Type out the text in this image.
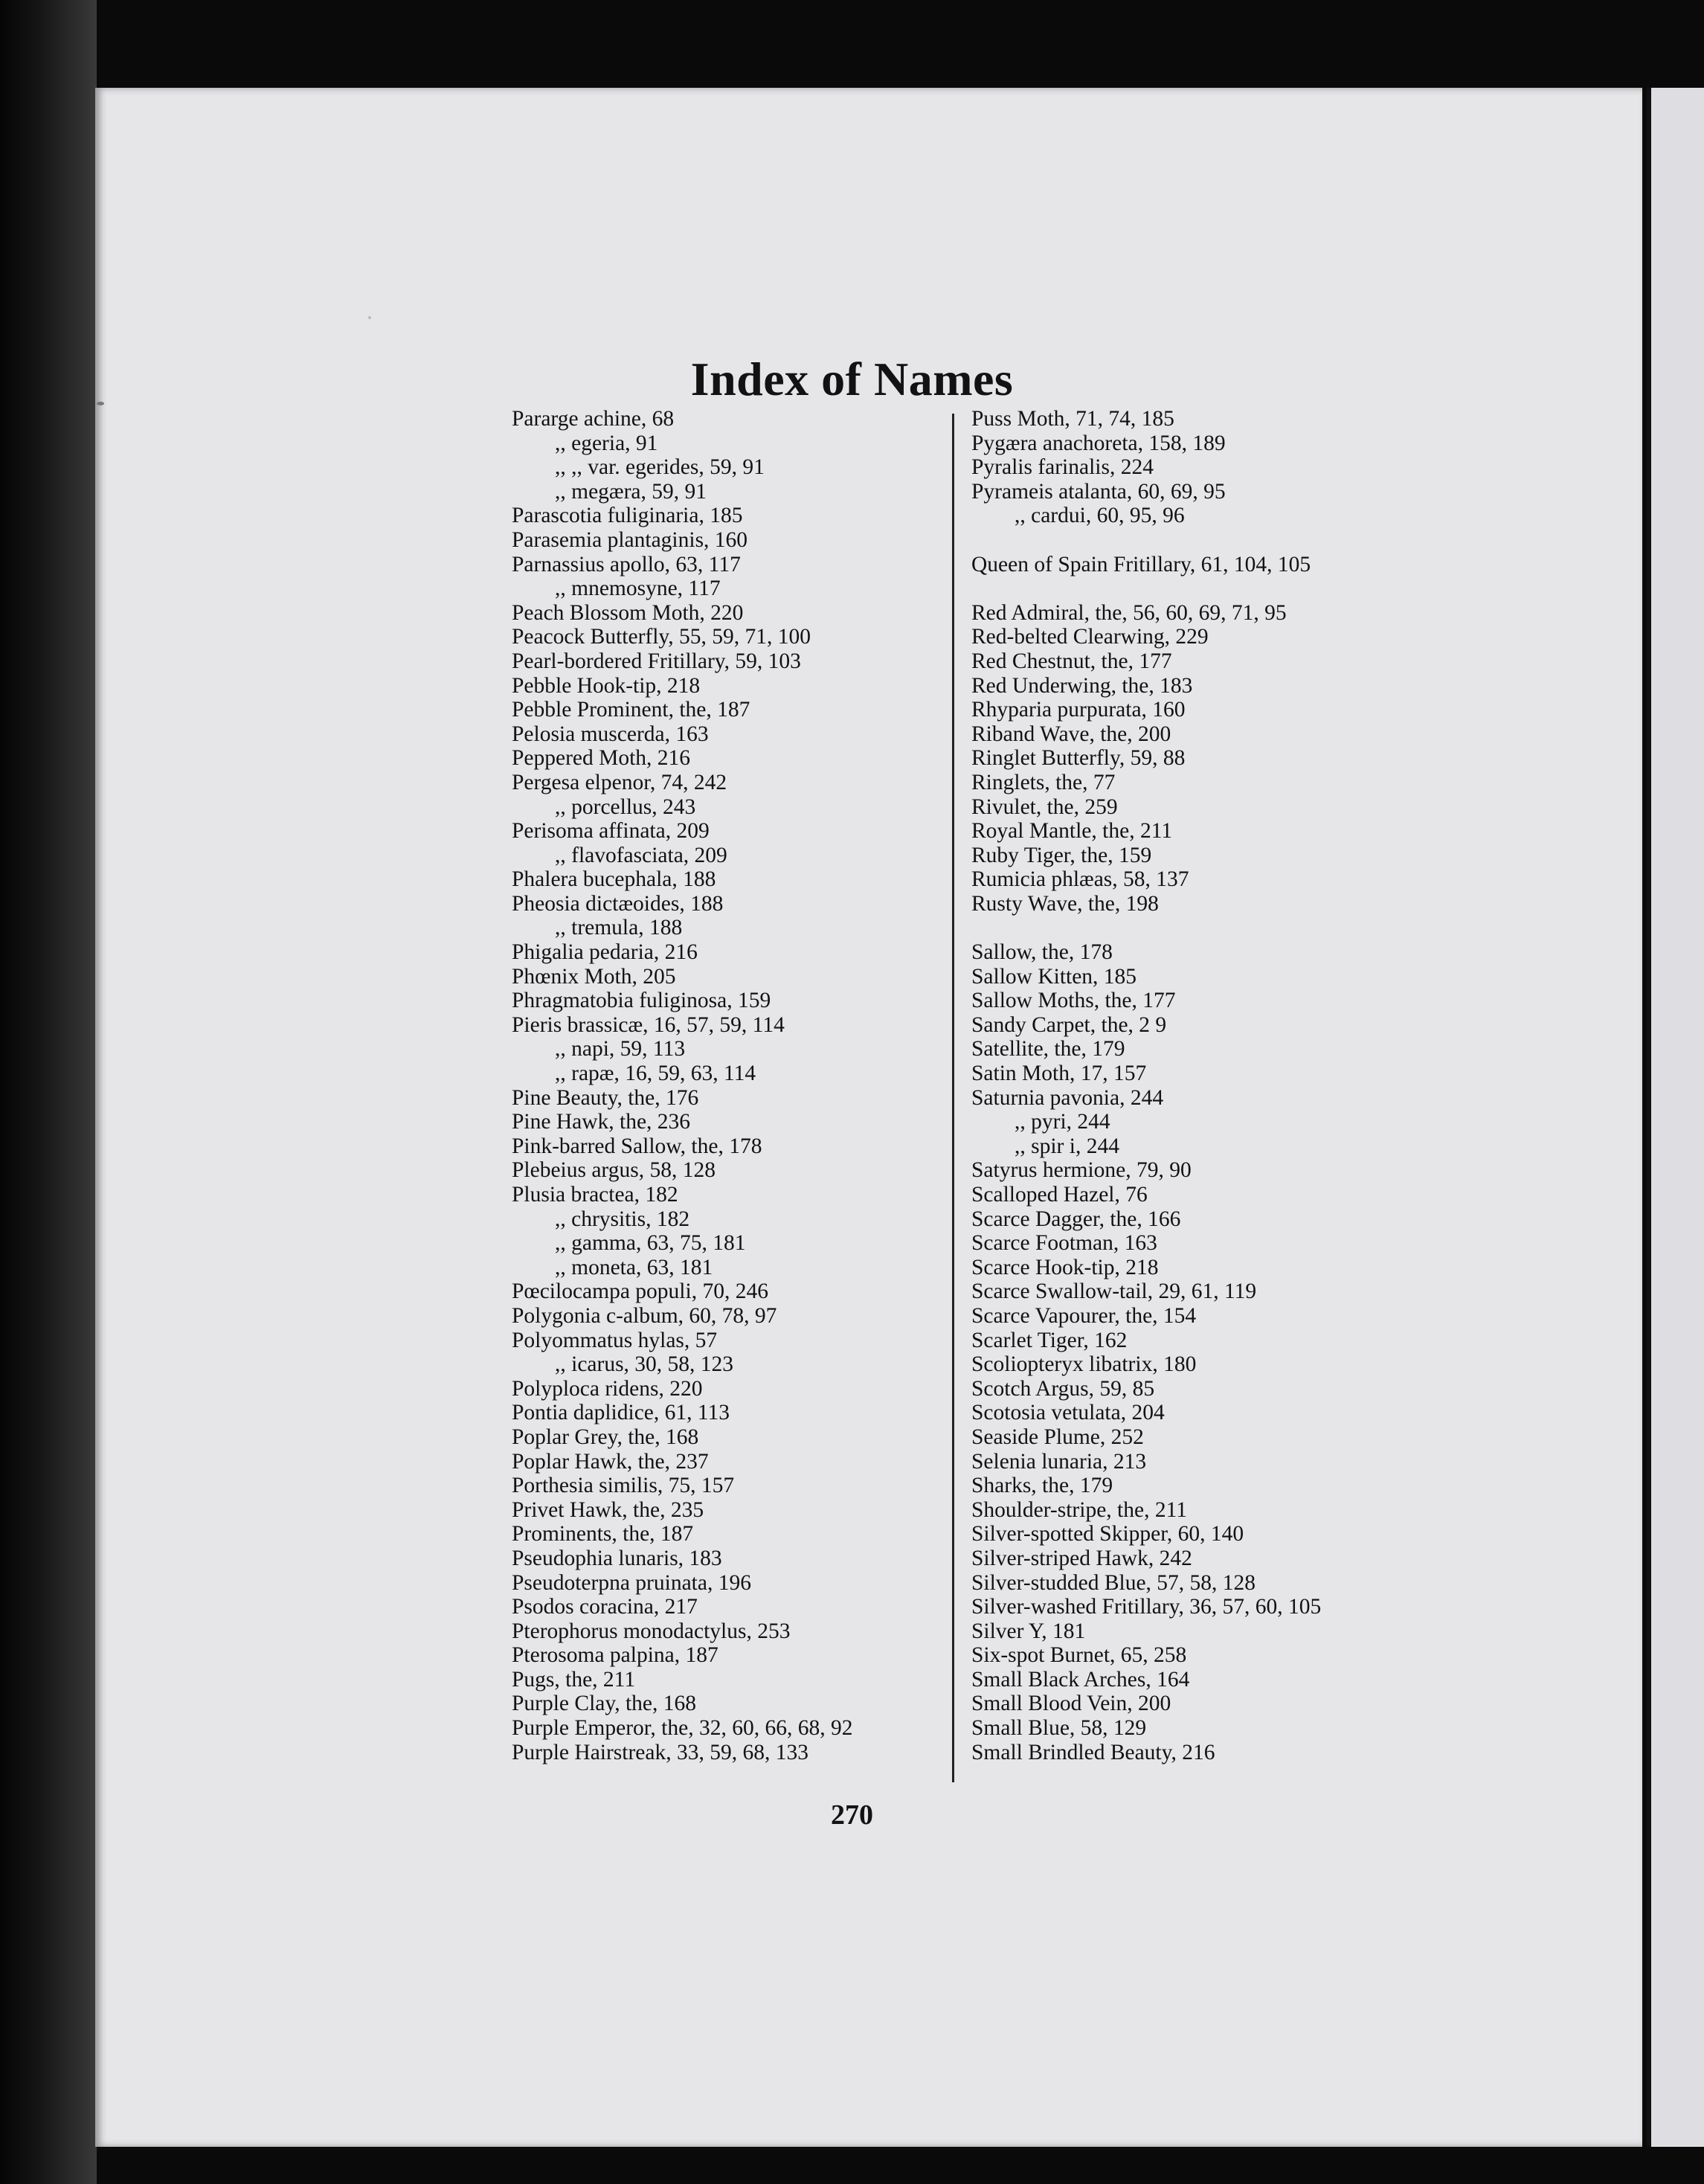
Index of Names
Pararge achine, 68
,, egeria, 91
,, ,, var. egerides, 59, 91
,, megæra, 59, 91
Parascotia fuliginaria, 185
Parasemia plantaginis, 160
Parnassius apollo, 63, 117
,, mnemosyne, 117
Peach Blossom Moth, 220
Peacock Butterfly, 55, 59, 71, 100
Pearl-bordered Fritillary, 59, 103
Pebble Hook-tip, 218
Pebble Prominent, the, 187
Pelosia muscerda, 163
Peppered Moth, 216
Pergesa elpenor, 74, 242
,, porcellus, 243
Perisoma affinata, 209
,, flavofasciata, 209
Phalera bucephala, 188
Pheosia dictæoides, 188
,, tremula, 188
Phigalia pedaria, 216
Phœnix Moth, 205
Phragmatobia fuliginosa, 159
Pieris brassicæ, 16, 57, 59, 114
,, napi, 59, 113
,, rapæ, 16, 59, 63, 114
Pine Beauty, the, 176
Pine Hawk, the, 236
Pink-barred Sallow, the, 178
Plebeius argus, 58, 128
Plusia bractea, 182
,, chrysitis, 182
,, gamma, 63, 75, 181
,, moneta, 63, 181
Pœcilocampa populi, 70, 246
Polygonia c-album, 60, 78, 97
Polyommatus hylas, 57
,, icarus, 30, 58, 123
Polyploca ridens, 220
Pontia daplidice, 61, 113
Poplar Grey, the, 168
Poplar Hawk, the, 237
Porthesia similis, 75, 157
Privet Hawk, the, 235
Prominents, the, 187
Pseudophia lunaris, 183
Pseudoterpna pruinata, 196
Psodos coracina, 217
Pterophorus monodactylus, 253
Pterosoma palpina, 187
Pugs, the, 211
Purple Clay, the, 168
Purple Emperor, the, 32, 60, 66, 68, 92
Purple Hairstreak, 33, 59, 68, 133
Puss Moth, 71, 74, 185
Pygæra anachoreta, 158, 189
Pyralis farinalis, 224
Pyrameis atalanta, 60, 69, 95
,, cardui, 60, 95, 96
Queen of Spain Fritillary, 61, 104, 105
Red Admiral, the, 56, 60, 69, 71, 95
Red-belted Clearwing, 229
Red Chestnut, the, 177
Red Underwing, the, 183
Rhyparia purpurata, 160
Riband Wave, the, 200
Ringlet Butterfly, 59, 88
Ringlets, the, 77
Rivulet, the, 259
Royal Mantle, the, 211
Ruby Tiger, the, 159
Rumicia phlæas, 58, 137
Rusty Wave, the, 198
Sallow, the, 178
Sallow Kitten, 185
Sallow Moths, the, 177
Sandy Carpet, the, 2 9
Satellite, the, 179
Satin Moth, 17, 157
Saturnia pavonia, 244
,, pyri, 244
,, spir i, 244
Satyrus hermione, 79, 90
Scalloped Hazel, 76
Scarce Dagger, the, 166
Scarce Footman, 163
Scarce Hook-tip, 218
Scarce Swallow-tail, 29, 61, 119
Scarce Vapourer, the, 154
Scarlet Tiger, 162
Scoliopteryx libatrix, 180
Scotch Argus, 59, 85
Scotosia vetulata, 204
Seaside Plume, 252
Selenia lunaria, 213
Sharks, the, 179
Shoulder-stripe, the, 211
Silver-spotted Skipper, 60, 140
Silver-striped Hawk, 242
Silver-studded Blue, 57, 58, 128
Silver-washed Fritillary, 36, 57, 60, 105
Silver Y, 181
Six-spot Burnet, 65, 258
Small Black Arches, 164
Small Blood Vein, 200
Small Blue, 58, 129
Small Brindled Beauty, 216
270
